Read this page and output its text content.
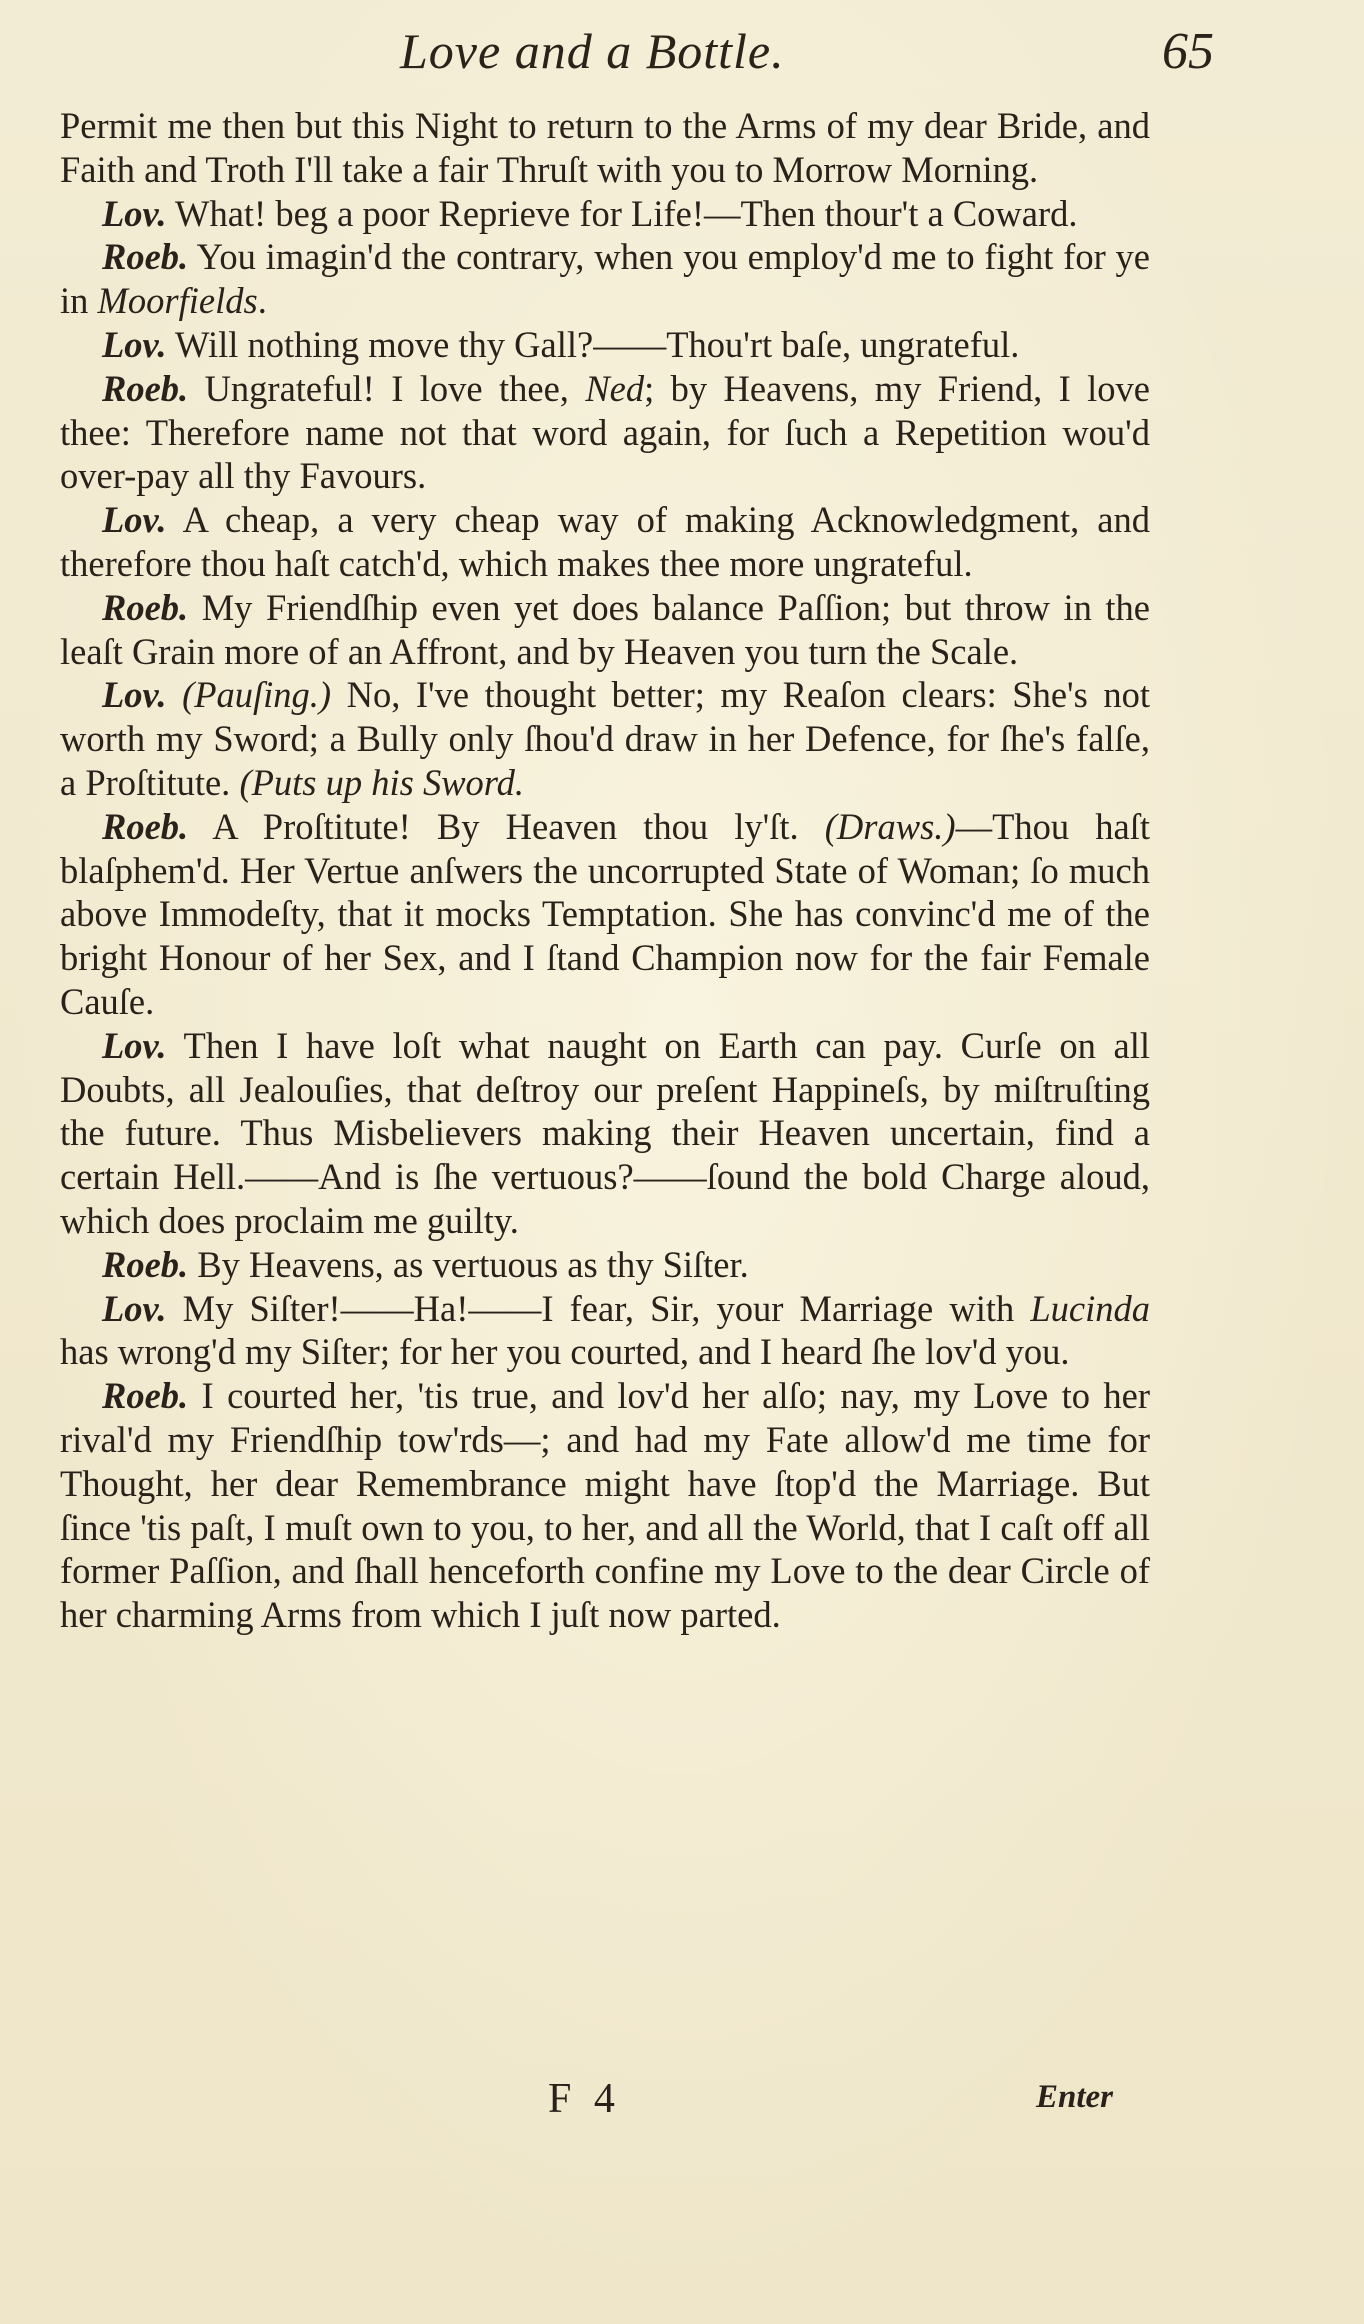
Love and a Bottle.	65

Permit me then but this Night to return to the Arms of my dear Bride, and Faith and Troth I'll take a fair Thruſt with you to Morrow Morning.

Lov. What! beg a poor Reprieve for Life!—Then thour't a Coward.

Roeb. You imagin'd the contrary, when you employ'd me to fight for ye in Moorfields.

Lov. Will nothing move thy Gall?——Thou'rt baſe, ungrateful.

Roeb. Ungrateful! I love thee, Ned; by Heavens, my Friend, I love thee: Therefore name not that word again, for ſuch a Repetition wou'd over-pay all thy Favours.

Lov. A cheap, a very cheap way of making Acknowledgment, and therefore thou haſt catch'd, which makes thee more ungrateful.

Roeb. My Friendſhip even yet does balance Paſſion; but throw in the leaſt Grain more of an Affront, and by Heaven you turn the Scale.

Lov. (Pauſing.) No, I've thought better; my Reaſon clears: She's not worth my Sword; a Bully only ſhou'd draw in her Defence, for ſhe's falſe, a Proſtitute. (Puts up his Sword.

Roeb. A Proſtitute! By Heaven thou ly'ſt. (Draws.)—Thou haſt blaſphem'd. Her Vertue anſwers the uncorrupted State of Woman; ſo much above Immodeſty, that it mocks Temptation. She has convinc'd me of the bright Honour of her Sex, and I ſtand Champion now for the fair Female Cauſe.

Lov. Then I have loſt what naught on Earth can pay. Curſe on all Doubts, all Jealouſies, that deſtroy our preſent Happineſs, by miſtruſting the future. Thus Misbelievers making their Heaven uncertain, find a certain Hell.——And is ſhe vertuous?——ſound the bold Charge aloud, which does proclaim me guilty.

Roeb. By Heavens, as vertuous as thy Siſter.

Lov. My Siſter!——Ha!——I fear, Sir, your Marriage with Lucinda has wrong'd my Siſter; for her you courted, and I heard ſhe lov'd you.

Roeb. I courted her, 'tis true, and lov'd her alſo; nay, my Love to her rival'd my Friendſhip tow'rds—; and had my Fate allow'd me time for Thought, her dear Remembrance might have ſtop'd the Marriage. But ſince 'tis paſt, I muſt own to you, to her, and all the World, that I caſt off all former Paſſion, and ſhall henceforth confine my Love to the dear Circle of her charming Arms from which I juſt now parted.

F 4	Enter
